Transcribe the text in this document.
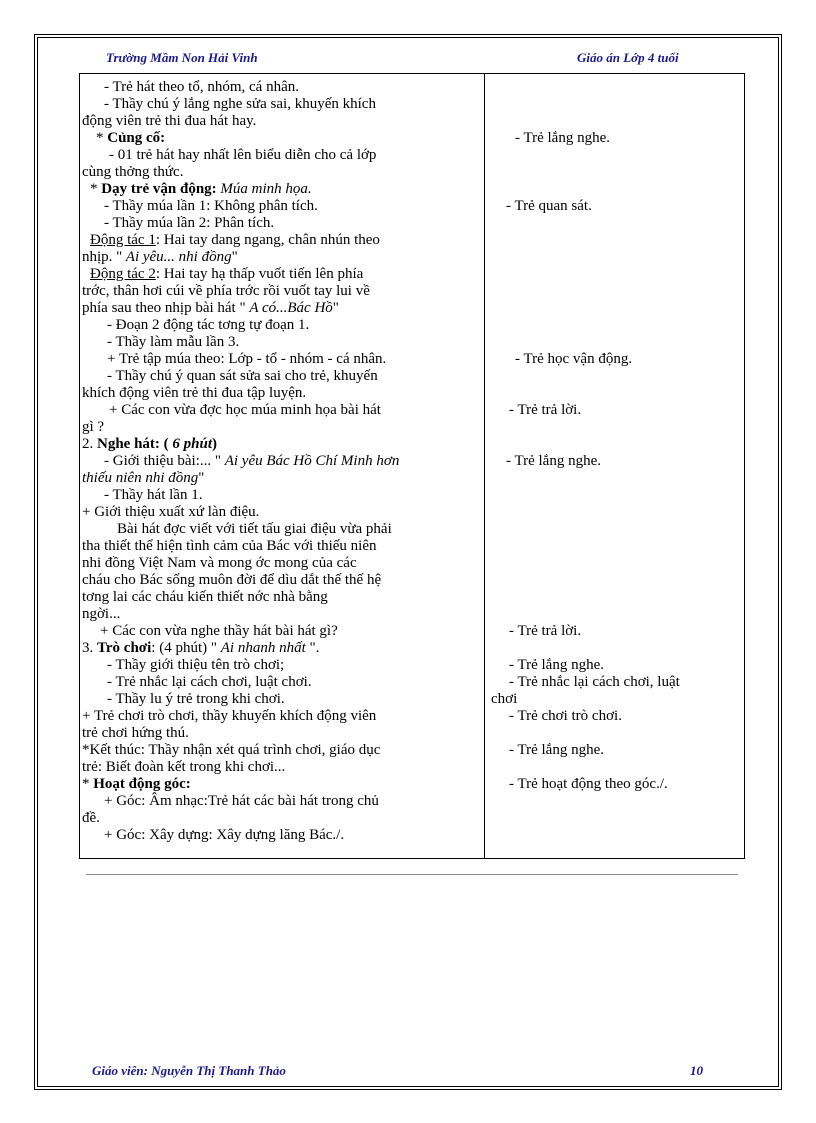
Trường Mầm Non Hải Vinh	Giáo án Lớp 4 tuổi
- Trẻ hát theo tổ, nhóm, cá nhân.
- Thầy chú ý lắng nghe sửa sai, khuyến khích
động viên trẻ thi đua hát hay.
* Củng cố:
- 01 trẻ hát hay nhất lên biểu diễn cho cả lớp
cùng thởng thức.
* Dạy trẻ vận động: Múa minh họa.
- Thầy múa lần 1: Không phân tích.
- Thầy múa lần 2: Phân tích.
Động tác 1: Hai tay dang ngang, chân nhún theo
nhịp. " Ai yêu... nhi đồng"
Động tác 2: Hai tay hạ thấp vuốt tiến lên phía
trớc, thân hơi cúi về phía trớc rồi vuốt tay lui về
phía sau theo nhịp bài hát " A có...Bác Hồ"
- Đoạn 2 động tác tơng tự đoạn 1.
- Thầy làm mẫu lần 3.
+ Trẻ tập múa theo: Lớp - tổ - nhóm - cá nhân.
- Thầy chú ý quan sát sửa sai cho trẻ, khuyến
khích động viên trẻ thi đua tập luyện.
+ Các con vừa đợc học múa minh họa bài hát
gì ?
2. Nghe hát: ( 6 phút)
- Giới thiệu bài:... " Ai yêu Bác Hồ Chí Minh hơn
thiếu niên nhi đồng"
- Thầy hát lần 1.
+ Giới thiệu xuất xứ làn điệu.
Bài hát đợc viết với tiết tấu giai điệu vừa phải
tha thiết thể hiện tình cảm của Bác với thiếu niên
nhi đồng Việt Nam và mong ớc mong của các
cháu cho Bác sống muôn đời để dìu dắt thế thế hệ
tơng lai các cháu kiến thiết nớc nhà bằng
ngời...
+ Các con vừa nghe thầy hát bài hát gì?
3. Trò chơi: (4 phút) " Ai nhanh nhất ".
- Thầy giới thiệu tên trò chơi;
- Trẻ nhắc lại cách chơi, luật chơi.
- Thầy lu ý trẻ trong khi chơi.
+ Trẻ chơi trò chơi, thầy khuyến khích động viên
trẻ chơi hứng thú.
*Kết thúc: Thầy nhận xét quá trình chơi, giáo dục
trẻ: Biết đoàn kết trong khi chơi...
* Hoạt động góc:
+ Góc: Âm nhạc:Trẻ hát các bài hát trong chủ
đề.
+ Góc: Xây dựng: Xây dựng lăng Bác./.
- Trẻ lắng nghe.
- Trẻ quan sát.
- Trẻ học vận động.
- Trẻ trả lời.
- Trẻ lắng nghe.
- Trẻ trả lời.
- Trẻ lắng nghe.
- Trẻ nhắc lại cách chơi, luật
chơi
- Trẻ chơi trò chơi.
- Trẻ lắng nghe.
- Trẻ hoạt động theo góc./.
Giáo viên: Nguyễn Thị Thanh Thảo	10
